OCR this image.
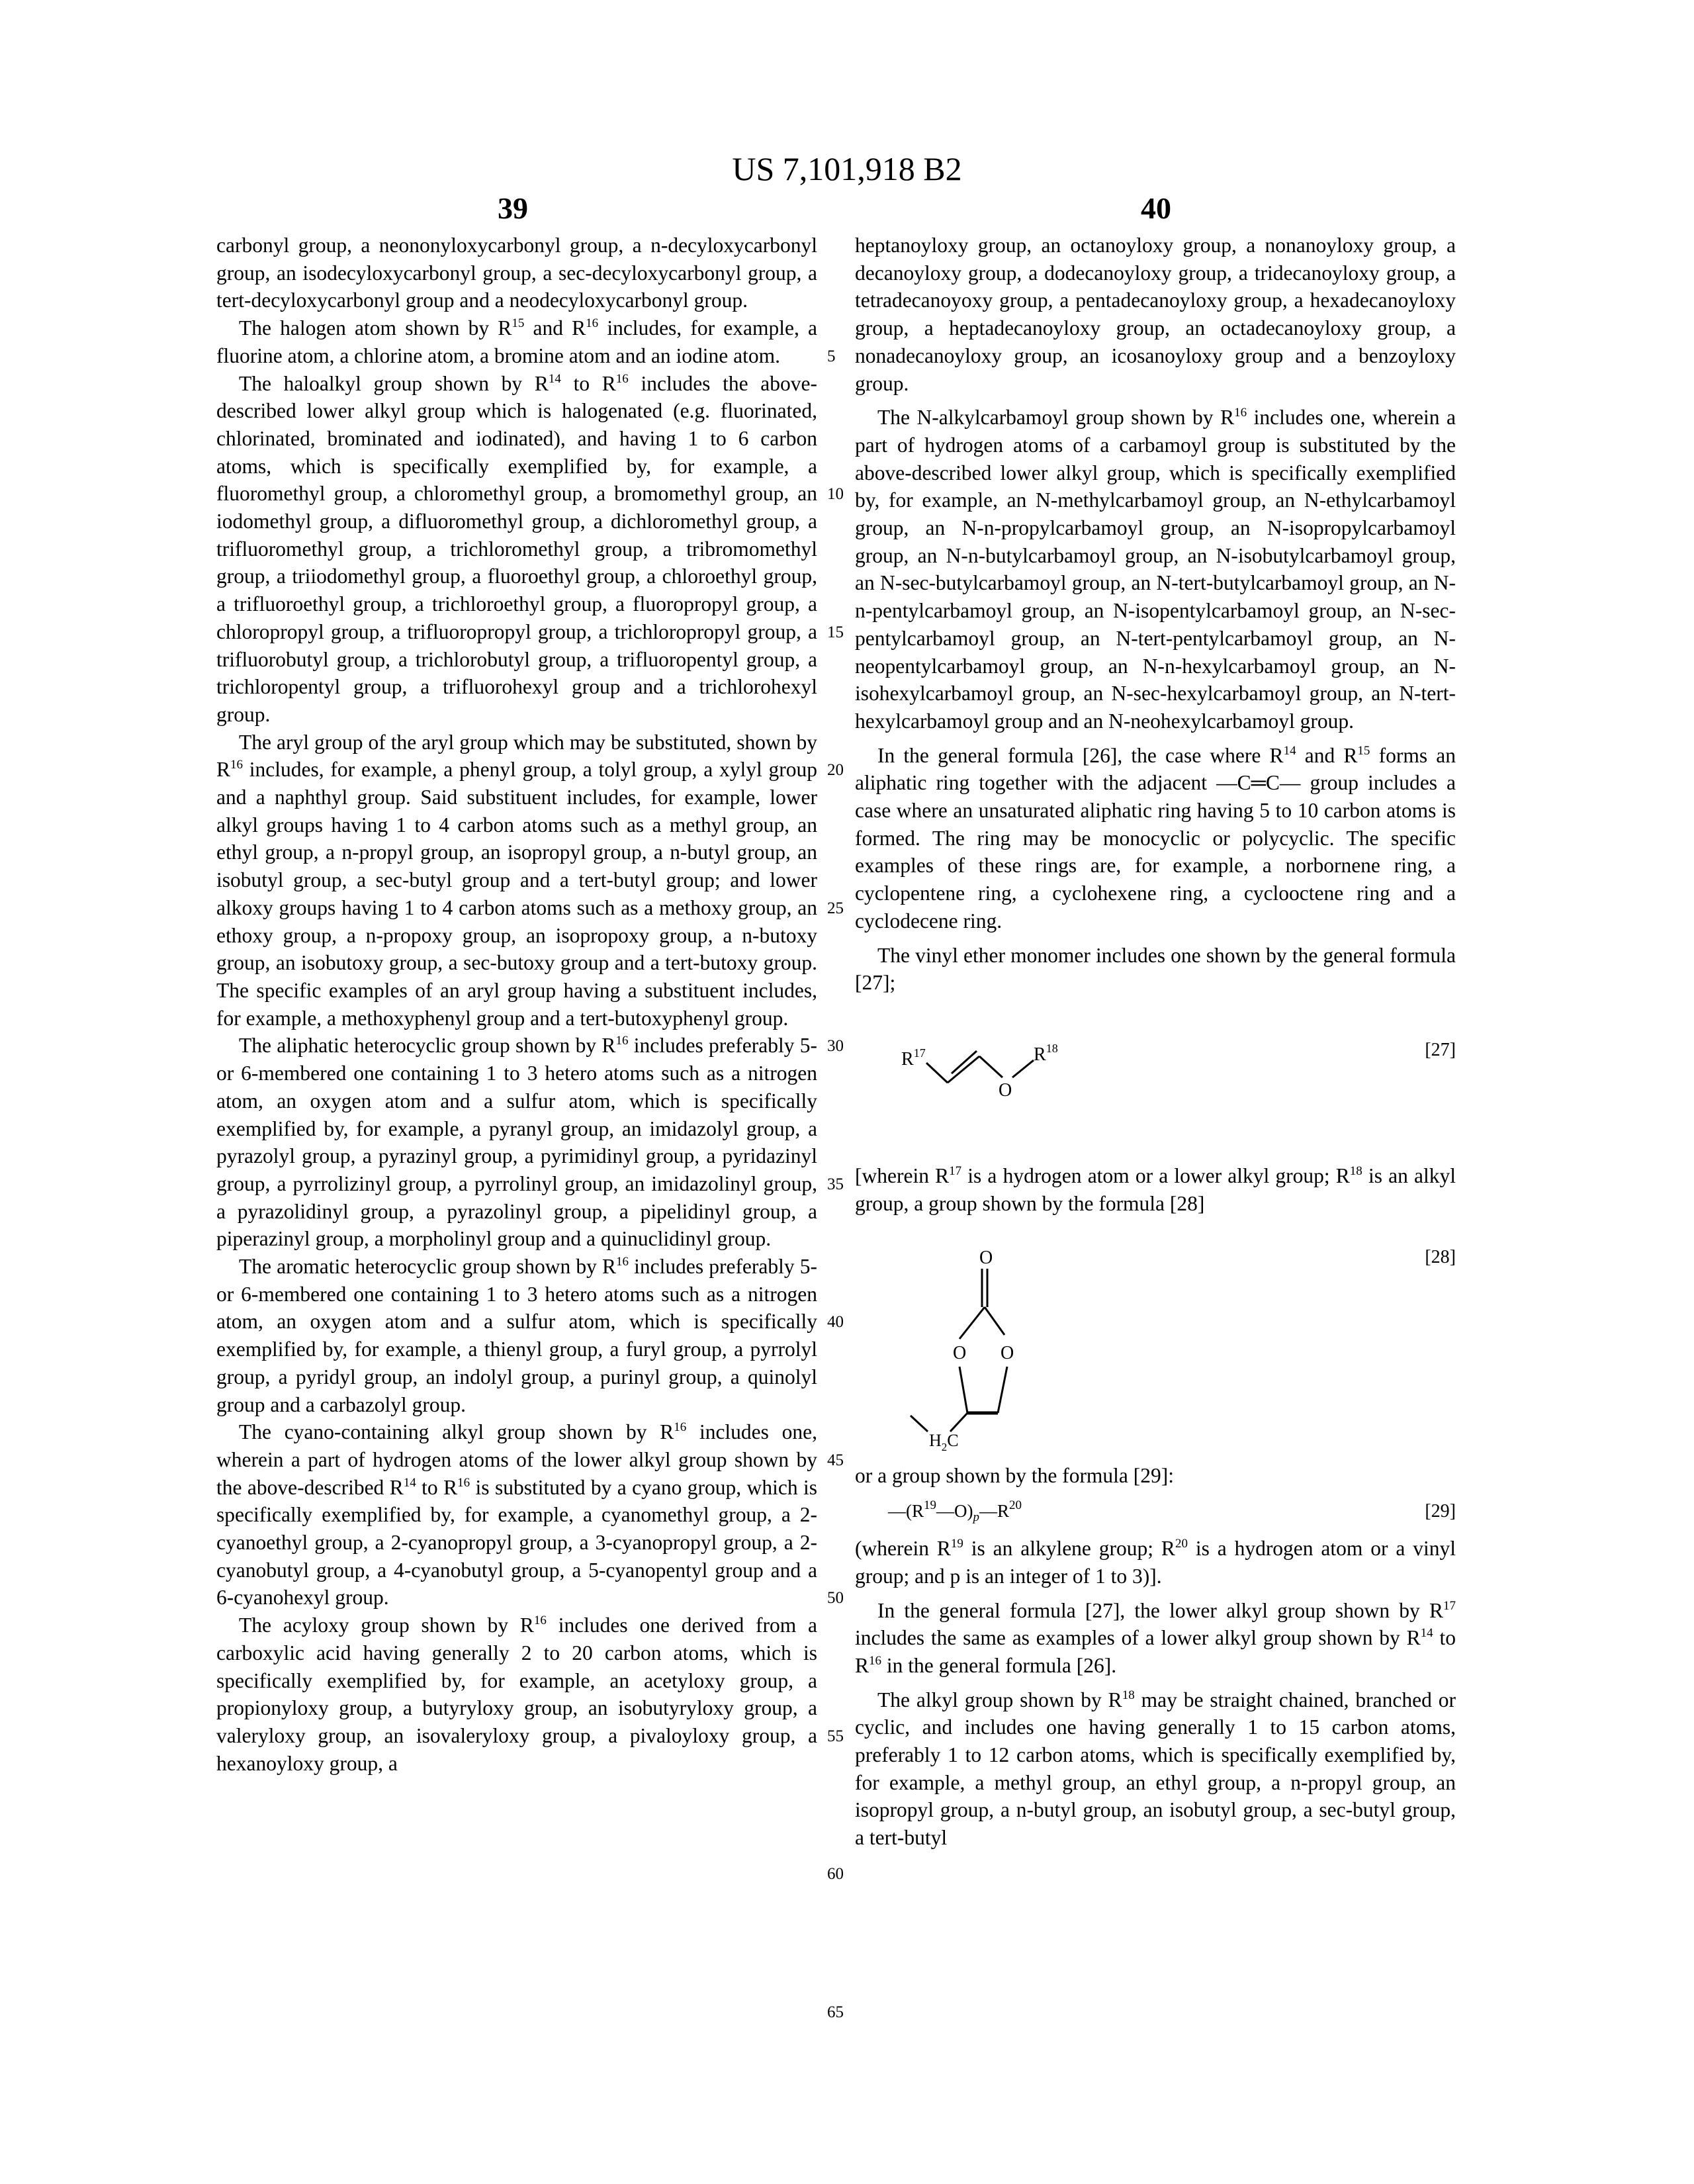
US 7,101,918 B2
39	40
5
10
15
20
25
30
35
40
45
50
55
60
65

carbonyl group, a neononyloxycarbonyl group, a n-decyloxycarbonyl group, an isodecyloxycarbonyl group, a sec-decyloxycarbonyl group, a tert-decyloxycarbonyl group and a neodecyloxycarbonyl group.

The halogen atom shown by $R^{15}$ and $R^{16}$ includes, for example, a fluorine atom, a chlorine atom, a bromine atom and an iodine atom.

The haloalkyl group shown by $R^{14}$ to $R^{16}$ includes the above-described lower alkyl group which is halogenated (e.g. fluorinated, chlorinated, brominated and iodinated), and having 1 to 6 carbon atoms, which is specifically exemplified by, for example, a fluoromethyl group, a chloromethyl group, a bromomethyl group, an iodomethyl group, a difluoromethyl group, a dichloromethyl group, a trifluoromethyl group, a trichloromethyl group, a tribromomethyl group, a triiodomethyl group, a fluoroethyl group, a chloroethyl group, a trifluoroethyl group, a trichloroethyl group, a fluoropropyl group, a chloropropyl group, a trifluoropropyl group, a trichloropropyl group, a trifluorobutyl group, a trichlorobutyl group, a trifluoropentyl group, a trichloropentyl group, a trifluorohexyl group and a trichlorohexyl group.

The aryl group of the aryl group which may be substituted, shown by $R^{16}$ includes, for example, a phenyl group, a tolyl group, a xylyl group and a naphthyl group. Said substituent includes, for example, lower alkyl groups having 1 to 4 carbon atoms such as a methyl group, an ethyl group, a n-propyl group, an isopropyl group, a n-butyl group, an isobutyl group, a sec-butyl group and a tert-butyl group; and lower alkoxy groups having 1 to 4 carbon atoms such as a methoxy group, an ethoxy group, a n-propoxy group, an isopropoxy group, a n-butoxy group, an isobutoxy group, a sec-butoxy group and a tert-butoxy group. The specific examples of an aryl group having a substituent includes, for example, a methoxyphenyl group and a tert-butoxyphenyl group.

The aliphatic heterocyclic group shown by $R^{16}$ includes preferably 5- or 6-membered one containing 1 to 3 hetero atoms such as a nitrogen atom, an oxygen atom and a sulfur atom, which is specifically exemplified by, for example, a pyranyl group, an imidazolyl group, a pyrazolyl group, a pyrazinyl group, a pyrimidinyl group, a pyridazinyl group, a pyrrolizinyl group, a pyrrolinyl group, an imidazolinyl group, a pyrazolidinyl group, a pyrazolinyl group, a pipelidinyl group, a piperazinyl group, a morpholinyl group and a quinuclidinyl group.

The aromatic heterocyclic group shown by $R^{16}$ includes preferably 5- or 6-membered one containing 1 to 3 hetero atoms such as a nitrogen atom, an oxygen atom and a sulfur atom, which is specifically exemplified by, for example, a thienyl group, a furyl group, a pyrrolyl group, a pyridyl group, an indolyl group, a purinyl group, a quinolyl group and a carbazolyl group.

The cyano-containing alkyl group shown by $R^{16}$ includes one, wherein a part of hydrogen atoms of the lower alkyl group shown by the above-described $R^{14}$ to $R^{16}$ is substituted by a cyano group, which is specifically exemplified by, for example, a cyanomethyl group, a 2-cyanoethyl group, a 2-cyanopropyl group, a 3-cyanopropyl group, a 2-cyanobutyl group, a 4-cyanobutyl group, a 5-cyanopentyl group and a 6-cyanohexyl group.

The acyloxy group shown by $R^{16}$ includes one derived from a carboxylic acid having generally 2 to 20 carbon atoms, which is specifically exemplified by, for example, an acetyloxy group, a propionyloxy group, a butyryloxy group, an isobutyryloxy group, a valeryloxy group, an isovaleryloxy group, a pivaloyloxy group, a hexanoyloxy group, a

heptanoyloxy group, an octanoyloxy group, a nonanoyloxy group, a decanoyloxy group, a dodecanoyloxy group, a tridecanoyloxy group, a tetradecanoyoxy group, a pentadecanoyloxy group, a hexadecanoyloxy group, a heptadecanoyloxy group, an octadecanoyloxy group, a nonadecanoyloxy group, an icosanoyloxy group and a benzoyloxy group.

The N-alkylcarbamoyl group shown by $R^{16}$ includes one, wherein a part of hydrogen atoms of a carbamoyl group is substituted by the above-described lower alkyl group, which is specifically exemplified by, for example, an N-methylcarbamoyl group, an N-ethylcarbamoyl group, an N-n-propylcarbamoyl group, an N-isopropylcarbamoyl group, an N-n-butylcarbamoyl group, an N-isobutylcarbamoyl group, an N-sec-butylcarbamoyl group, an N-tert-butylcarbamoyl group, an N-n-pentylcarbamoyl group, an N-isopentylcarbamoyl group, an N-sec-pentylcarbamoyl group, an N-tert-pentylcarbamoyl group, an N-neopentylcarbamoyl group, an N-n-hexylcarbamoyl group, an N-isohexylcarbamoyl group, an N-sec-hexylcarbamoyl group, an N-tert-hexylcarbamoyl group and an N-neohexylcarbamoyl group.

In the general formula [26], the case where $R^{14}$ and $R^{15}$ forms an aliphatic ring together with the adjacent —C═C— group includes a case where an unsaturated aliphatic ring having 5 to 10 carbon atoms is formed. The ring may be monocyclic or polycyclic. The specific examples of these rings are, for example, a norbornene ring, a cyclopentene ring, a cyclohexene ring, a cyclooctene ring and a cyclodecene ring.

The vinyl ether monomer includes one shown by the general formula [27];

[27]
$R^{17}$
O
$R^{18}$

[wherein $R^{17}$ is a hydrogen atom or a lower alkyl group; $R^{18}$ is an alkyl group, a group shown by the formula [28]

[28]
O
O O
$H_2C$

or a group shown by the formula [29]:

$—(R^{19}—O)_p—R^{20}$	[29]

(wherein $R^{19}$ is an alkylene group; $R^{20}$ is a hydrogen atom or a vinyl group; and p is an integer of 1 to 3)].

In the general formula [27], the lower alkyl group shown by $R^{17}$ includes the same as examples of a lower alkyl group shown by $R^{14}$ to $R^{16}$ in the general formula [26].

The alkyl group shown by $R^{18}$ may be straight chained, branched or cyclic, and includes one having generally 1 to 15 carbon atoms, preferably 1 to 12 carbon atoms, which is specifically exemplified by, for example, a methyl group, an ethyl group, a n-propyl group, an isopropyl group, a n-butyl group, an isobutyl group, a sec-butyl group, a tert-butyl
